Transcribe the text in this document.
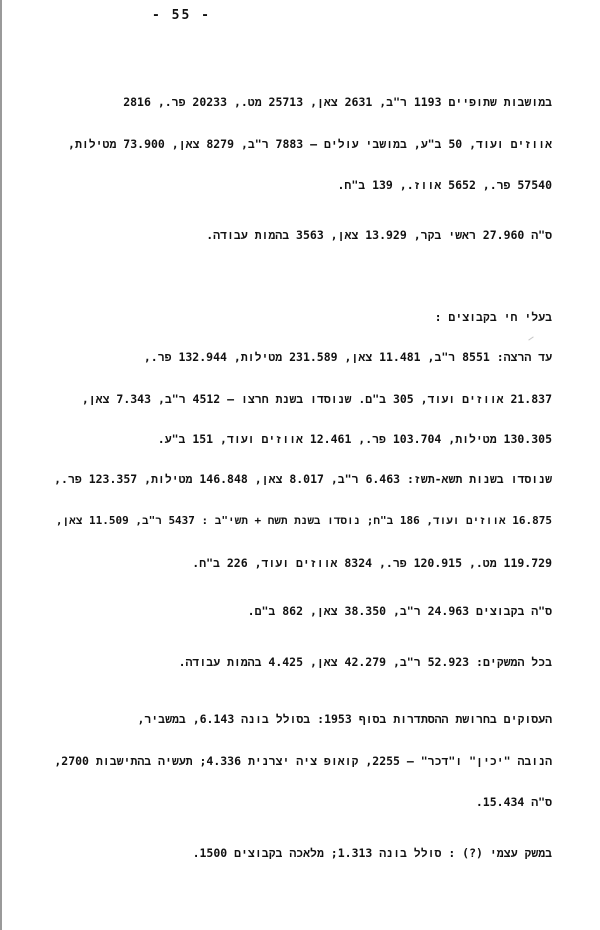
- 55 -
במושבות שתופיים 1193 ר"ב, 2631 צאן, 25713 מט., 20233 פר., 2816
אווזים ועוד, 50 ב"ע, במושבי עולים – 7883 ר"ב, 8279 צאן, 73.900 מטילות,
57540 פר., 5652 אווז., 139 ב"ח.
ס"ה 27.960 ראשי בקר, 13.929 צאן, 3563 בהמות עבודה.
בעלי חי בקבוצים :
עד הרצה: 8551 ר"ב, 11.481 צאן, 231.589 מטילות, 132.944 פר.,
21.837 אווזים ועוד, 305 ב"ם. שנוסדו בשנת חרצו – 4512 ר"ב, 7.343 צאן,
130.305 מטילות, 103.704 פר., 12.461 אווזים ועוד, 151 ב"ע.
שנוסדו בשנות תשא-תשז: 6.463 ר"ב, 8.017 צאן, 146.848 מטילות, 123.357 פר.,
16.875 אווזים ועוד, 186 ב"ח; נוסדו בשנת תשח + תשי"ב : 5437 ר"ב, 11.509 צאן,
119.729 מט., 120.915 פר., 8324 אווזים ועוד, 226 ב"ח.
ס"ה בקבוצים 24.963 ר"ב, 38.350 צאן, 862 ב"ם.
בכל המשקים: 52.923 ר"ב, 42.279 צאן, 4.425 בהמות עבודה.
העסוקים בחרושת ההסתדרות בסוף 1953: בסולל בונה 6.143, במשביר,
הנובה "יכין" ו"דכר" – 2255, קואופ ציה יצרנית 4.336; תעשיה בהתישבות 2700,
ס"ה 15.434.
במשק עצמי (?) : סולל בונה 1.313; מלאכה בקבוצים 1500.
